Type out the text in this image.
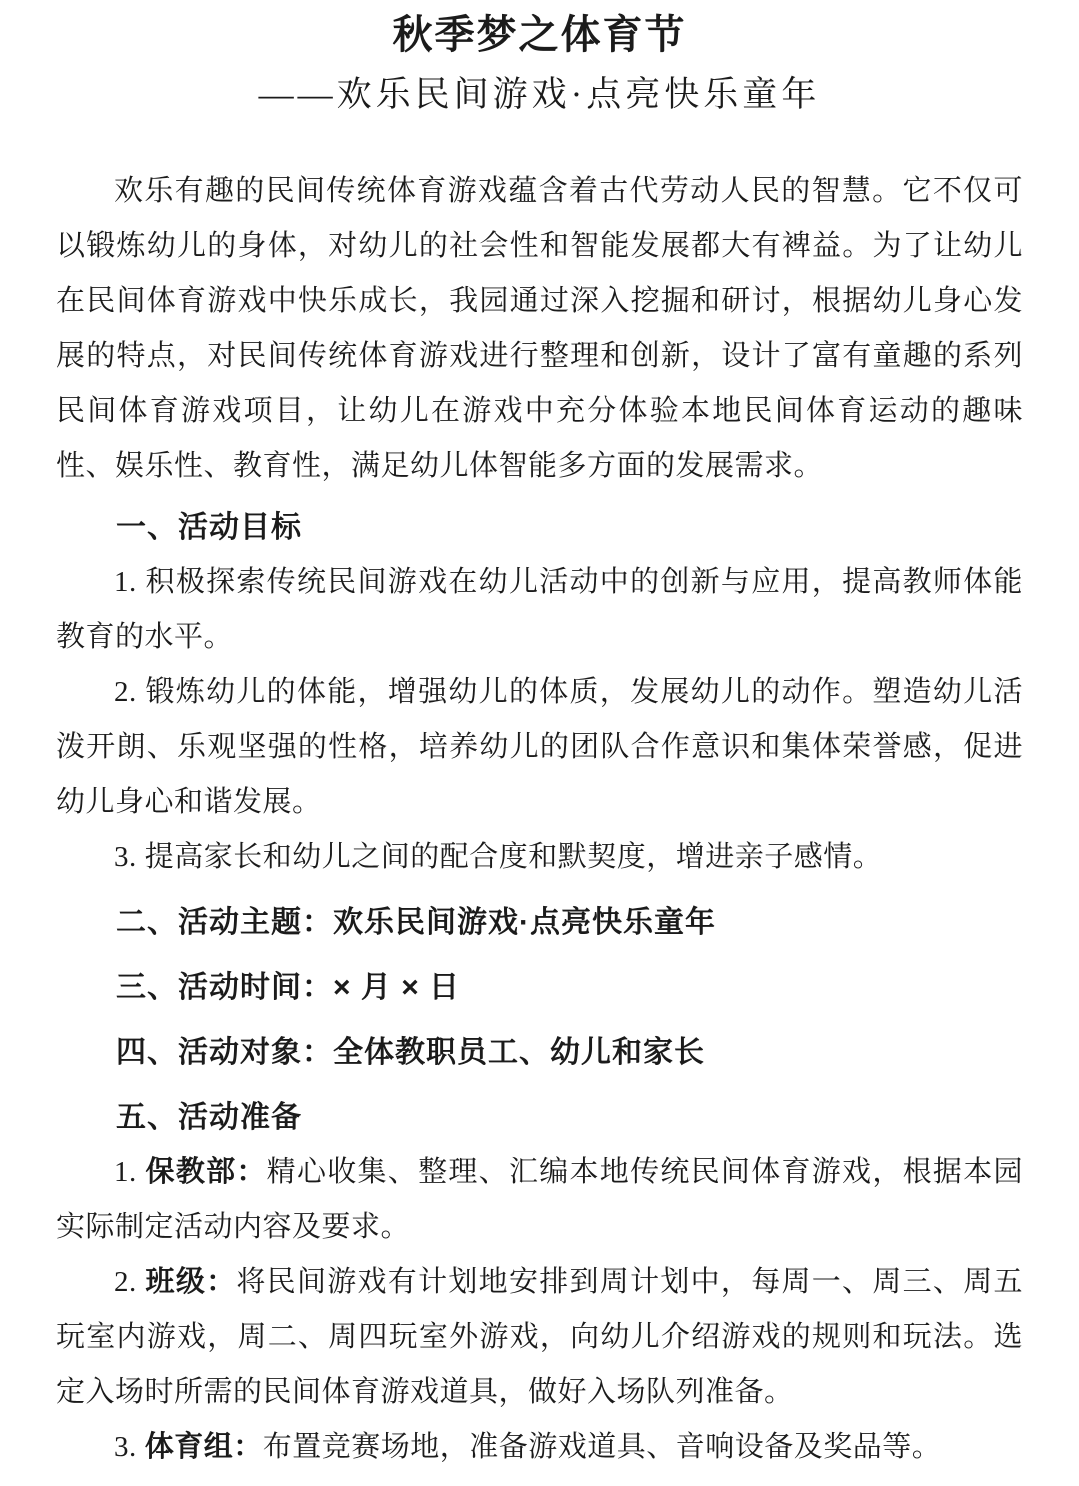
秋季梦之体育节
——欢乐民间游戏·点亮快乐童年

欢乐有趣的民间传统体育游戏蕴含着古代劳动人民的智慧。它不仅可以锻炼幼儿的身体，对幼儿的社会性和智能发展都大有裨益。为了让幼儿在民间体育游戏中快乐成长，我园通过深入挖掘和研讨，根据幼儿身心发展的特点，对民间传统体育游戏进行整理和创新，设计了富有童趣的系列民间体育游戏项目，让幼儿在游戏中充分体验本地民间体育运动的趣味性、娱乐性、教育性，满足幼儿体智能多方面的发展需求。

一、活动目标

1. 积极探索传统民间游戏在幼儿活动中的创新与应用，提高教师体能教育的水平。

2. 锻炼幼儿的体能，增强幼儿的体质，发展幼儿的动作。塑造幼儿活泼开朗、乐观坚强的性格，培养幼儿的团队合作意识和集体荣誉感，促进幼儿身心和谐发展。

3. 提高家长和幼儿之间的配合度和默契度，增进亲子感情。

二、活动主题：欢乐民间游戏·点亮快乐童年
三、活动时间：× 月 × 日
四、活动对象：全体教职员工、幼儿和家长
五、活动准备

1. 保教部：精心收集、整理、汇编本地传统民间体育游戏，根据本园实际制定活动内容及要求。

2. 班级：将民间游戏有计划地安排到周计划中，每周一、周三、周五玩室内游戏，周二、周四玩室外游戏，向幼儿介绍游戏的规则和玩法。选定入场时所需的民间体育游戏道具，做好入场队列准备。

3. 体育组：布置竞赛场地，准备游戏道具、音响设备及奖品等。
